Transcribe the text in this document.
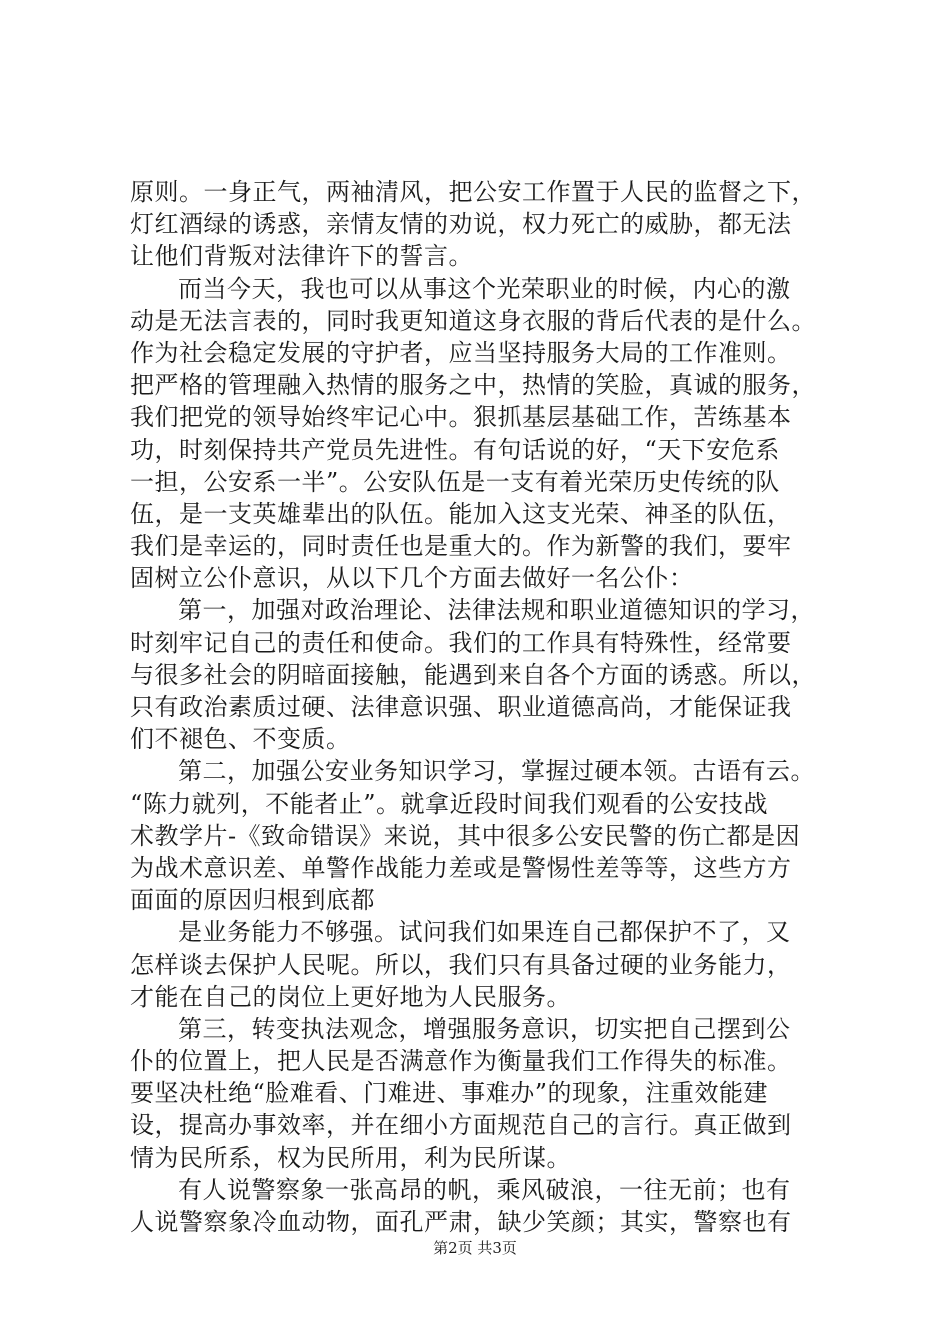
原则。一身正气，两袖清风，把公安工作置于人民的监督之下，
灯红酒绿的诱惑，亲情友情的劝说，权力死亡的威胁，都无法
让他们背叛对法律许下的誓言。
而当今天，我也可以从事这个光荣职业的时候，内心的激
动是无法言表的，同时我更知道这身衣服的背后代表的是什么。
作为社会稳定发展的守护者，应当坚持服务大局的工作准则。
把严格的管理融入热情的服务之中，热情的笑脸，真诚的服务，
我们把党的领导始终牢记心中。狠抓基层基础工作，苦练基本
功，时刻保持共产党员先进性。有句话说的好，“天下安危系
一担，公安系一半”。公安队伍是一支有着光荣历史传统的队
伍，是一支英雄辈出的队伍。能加入这支光荣、神圣的队伍，
我们是幸运的，同时责任也是重大的。作为新警的我们，要牢
固树立公仆意识，从以下几个方面去做好一名公仆：
第一，加强对政治理论、法律法规和职业道德知识的学习，
时刻牢记自己的责任和使命。我们的工作具有特殊性，经常要
与很多社会的阴暗面接触，能遇到来自各个方面的诱惑。所以，
只有政治素质过硬、法律意识强、职业道德高尚，才能保证我
们不褪色、不变质。
第二，加强公安业务知识学习，掌握过硬本领。古语有云。
“陈力就列，不能者止”。就拿近段时间我们观看的公安技战
术教学片-《致命错误》来说，其中很多公安民警的伤亡都是因
为战术意识差、单警作战能力差或是警惕性差等等，这些方方
面面的原因归根到底都
是业务能力不够强。试问我们如果连自己都保护不了，又
怎样谈去保护人民呢。所以，我们只有具备过硬的业务能力，
才能在自己的岗位上更好地为人民服务。
第三，转变执法观念，增强服务意识，切实把自己摆到公
仆的位置上，把人民是否满意作为衡量我们工作得失的标准。
要坚决杜绝“脸难看、门难进、事难办”的现象，注重效能建
设，提高办事效率，并在细小方面规范自己的言行。真正做到
情为民所系，权为民所用，利为民所谋。
有人说警察象一张高昂的帆，乘风破浪，一往无前；也有
人说警察象冷血动物，面孔严肃，缺少笑颜；其实，警察也有
第2页 共3页
